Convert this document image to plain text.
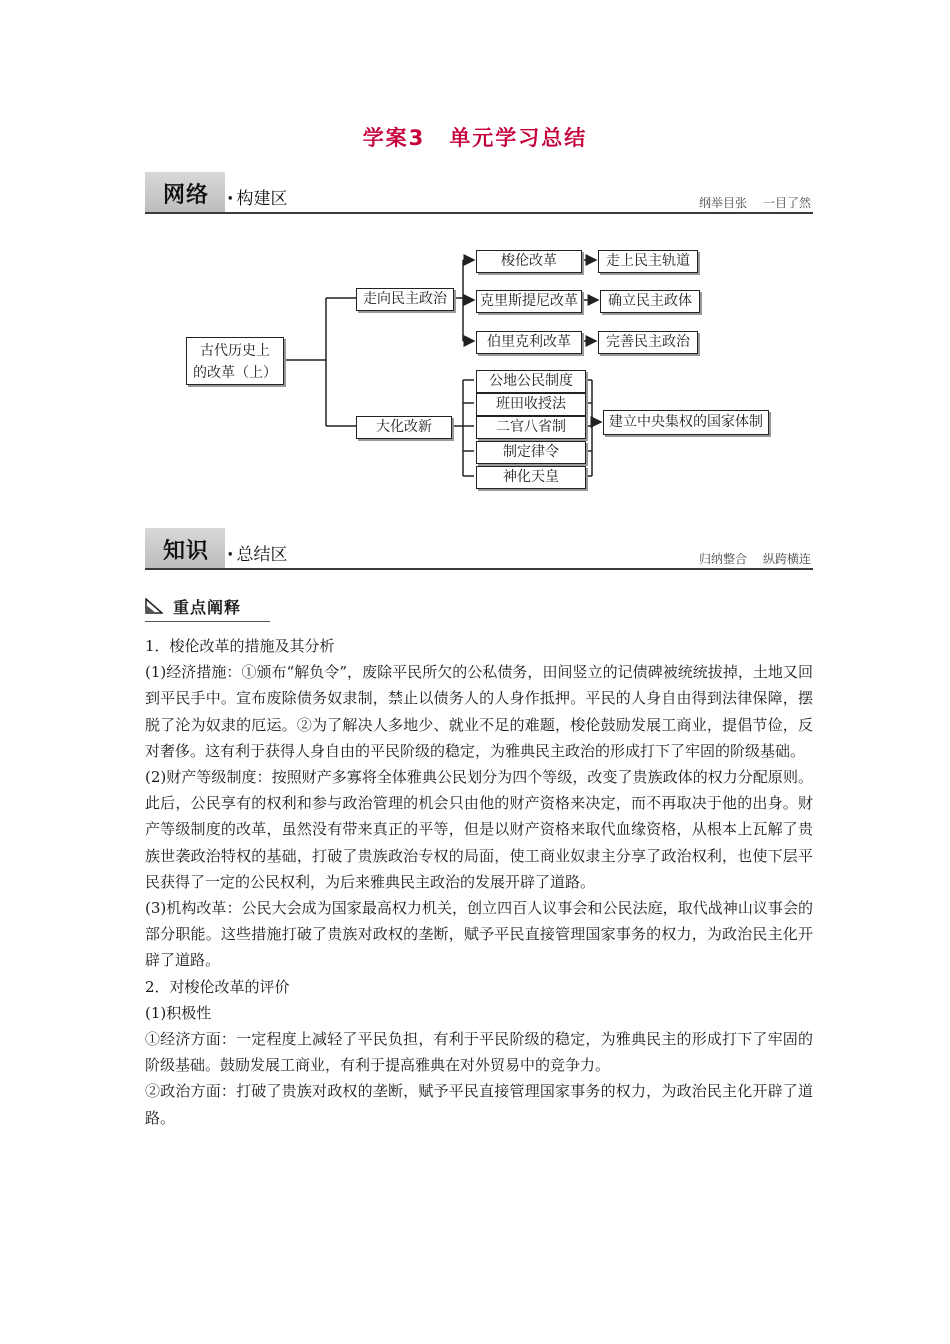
学案3 单元学习总结
网络 · 构建区	纲举目张 一目了然
古代历史上
的改革（上）
走向民主政治
大化改新
梭伦改革
克里斯提尼改革
伯里克利改革
走上民主轨道
确立民主政体
完善民主政治
公地公民制度
班田收授法
二官八省制
制定律令
神化天皇
建立中央集权的国家体制
知识 · 总结区	归纳整合 纵跨横连
重点阐释

1．梭伦改革的措施及其分析

(1)经济措施：①颁布“解负令”，废除平民所欠的公私债务，田间竖立的记债碑被统统拔掉，土地又回到平民手中。宣布废除债务奴隶制，禁止以债务人的人身作抵押。平民的人身自由得到法律保障，摆脱了沦为奴隶的厄运。②为了解决人多地少、就业不足的难题，梭伦鼓励发展工商业，提倡节俭，反对奢侈。这有利于获得人身自由的平民阶级的稳定，为雅典民主政治的形成打下了牢固的阶级基础。

(2)财产等级制度：按照财产多寡将全体雅典公民划分为四个等级，改变了贵族政体的权力分配原则。此后，公民享有的权利和参与政治管理的机会只由他的财产资格来决定，而不再取决于他的出身。财产等级制度的改革，虽然没有带来真正的平等，但是以财产资格来取代血缘资格，从根本上瓦解了贵族世袭政治特权的基础，打破了贵族政治专权的局面，使工商业奴隶主分享了政治权利，也使下层平民获得了一定的公民权利，为后来雅典民主政治的发展开辟了道路。

(3)机构改革：公民大会成为国家最高权力机关，创立四百人议事会和公民法庭，取代战神山议事会的部分职能。这些措施打破了贵族对政权的垄断，赋予平民直接管理国家事务的权力，为政治民主化开辟了道路。

2．对梭伦改革的评价

(1)积极性

①经济方面：一定程度上减轻了平民负担，有利于平民阶级的稳定，为雅典民主的形成打下了牢固的阶级基础。鼓励发展工商业，有利于提高雅典在对外贸易中的竞争力。

②政治方面：打破了贵族对政权的垄断，赋予平民直接管理国家事务的权力，为政治民主化开辟了道路。
